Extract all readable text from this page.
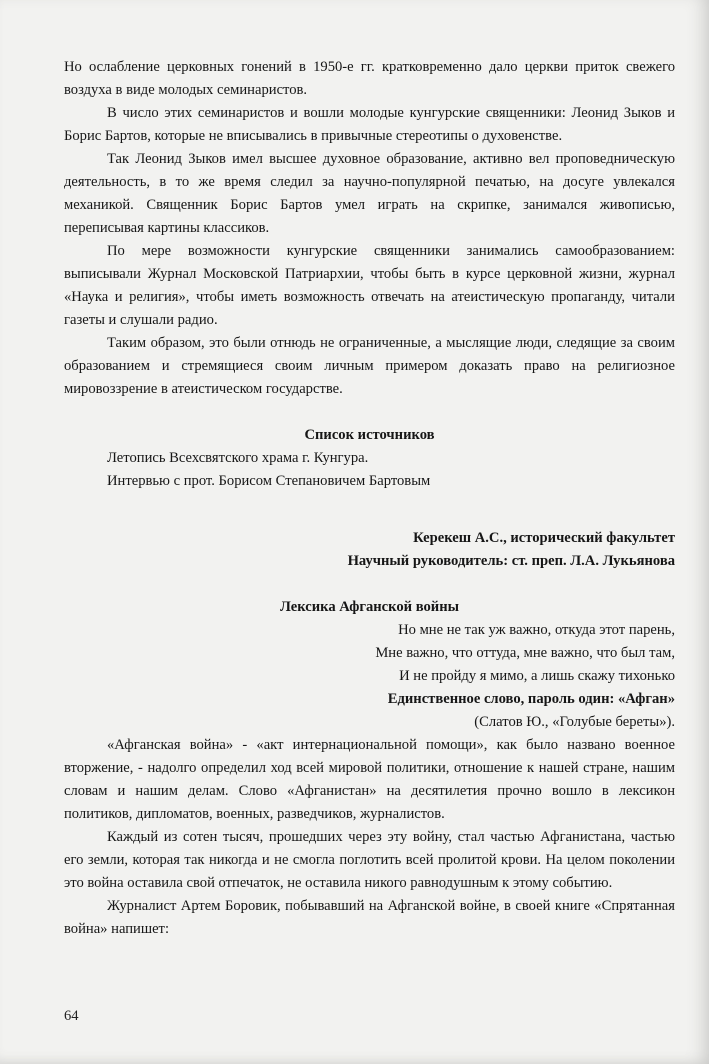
Но ослабление церковных гонений в 1950-е гг. кратковременно дало церкви приток свежего воздуха в виде молодых семинаристов.

В число этих семинаристов и вошли молодые кунгурские священники: Леонид Зыков и Борис Бартов, которые не вписывались в привычные стереотипы о духовенстве.

Так Леонид Зыков имел высшее духовное образование, активно вел проповедническую деятельность, в то же время следил за научно-популярной печатью, на досуге увлекался механикой. Священник Борис Бартов умел играть на скрипке, занимался живописью, переписывая картины классиков.

По мере возможности кунгурские священники занимались самообразованием: выписывали Журнал Московской Патриархии, чтобы быть в курсе церковной жизни, журнал «Наука и религия», чтобы иметь возможность отвечать на атеистическую пропаганду, читали газеты и слушали радио.

Таким образом, это были отнюдь не ограниченные, а мыслящие люди, следящие за своим образованием и стремящиеся своим личным примером доказать право на религиозное мировоззрение в атеистическом государстве.

Список источников

Летопись Всехсвятского храма г. Кунгура.

Интервью с прот. Борисом Степановичем Бартовым

Керекеш А.С., исторический факультет

Научный руководитель: ст. преп. Л.А. Лукьянова

Лексика Афганской войны

Но мне не так уж важно, откуда этот парень,

Мне важно, что оттуда, мне важно, что был там,

И не пройду я мимо, а лишь скажу тихонько

Единственное слово, пароль один: «Афган»

(Слатов Ю., «Голубые береты»).

«Афганская война» - «акт интернациональной помощи», как было названо военное вторжение, - надолго определил ход всей мировой политики, отношение к нашей стране, нашим словам и нашим делам. Слово «Афганистан» на десятилетия прочно вошло в лексикон политиков, дипломатов, военных, разведчиков, журналистов.

Каждый из сотен тысяч, прошедших через эту войну, стал частью Афганистана, частью его земли, которая так никогда и не смогла поглотить всей пролитой крови. На целом поколении это война оставила свой отпечаток, не оставила никого равнодушным к этому событию.

Журналист Артем Боровик, побывавший на Афганской войне, в своей книге «Спрятанная война» напишет:

64
